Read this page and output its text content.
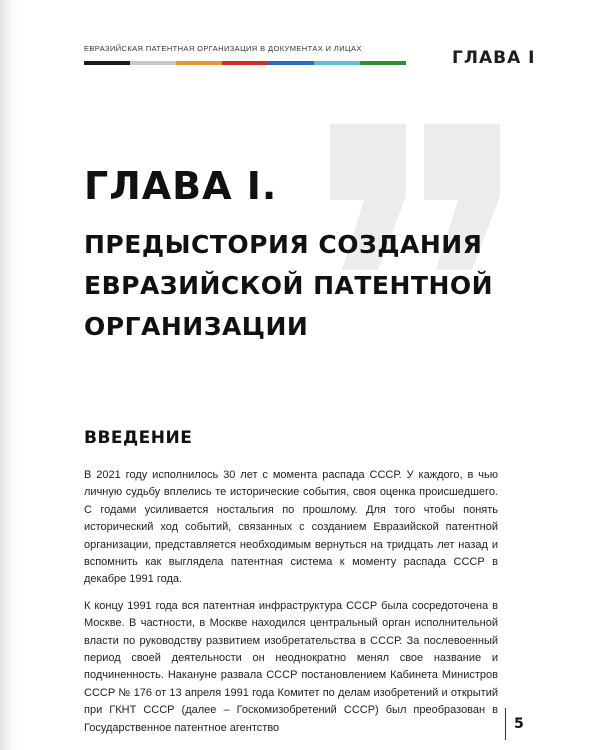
ЕВРАЗИЙСКАЯ ПАТЕНТНАЯ ОРГАНИЗАЦИЯ В ДОКУМЕНТАХ И ЛИЦАХ	ГЛАВА I
ГЛАВА I.
ПРЕДЫСТОРИЯ СОЗДАНИЯ
ЕВРАЗИЙСКОЙ ПАТЕНТНОЙ
ОРГАНИЗАЦИИ
ВВЕДЕНИЕ

В 2021 году исполнилось 30 лет с момента распада СССР. У каждого, в чью личную судьбу вплелись те исторические события, своя оценка происшедшего. С годами усиливается ностальгия по прошлому. Для того чтобы понять исторический ход событий, связанных с созданием Евразийской патентной организации, представляется необходимым вернуться на тридцать лет назад и вспомнить как выглядела патентная система к моменту распада СССР в декабре 1991 года.

К концу 1991 года вся патентная инфраструктура СССР была сосредоточена в Москве. В частности, в Москве находился центральный орган исполнительной власти по руководству развитием изобретательства в СССР. За послевоенный период своей деятельности он неоднократно менял свое название и подчиненность. Накануне развала СССР постановлением Кабинета Министров СССР № 176 от 13 апреля 1991 года Комитет по делам изобретений и открытий при ГКНТ СССР (далее – Госкомизобретений СССР) был преобразован в Государственное патентное агентство	5
